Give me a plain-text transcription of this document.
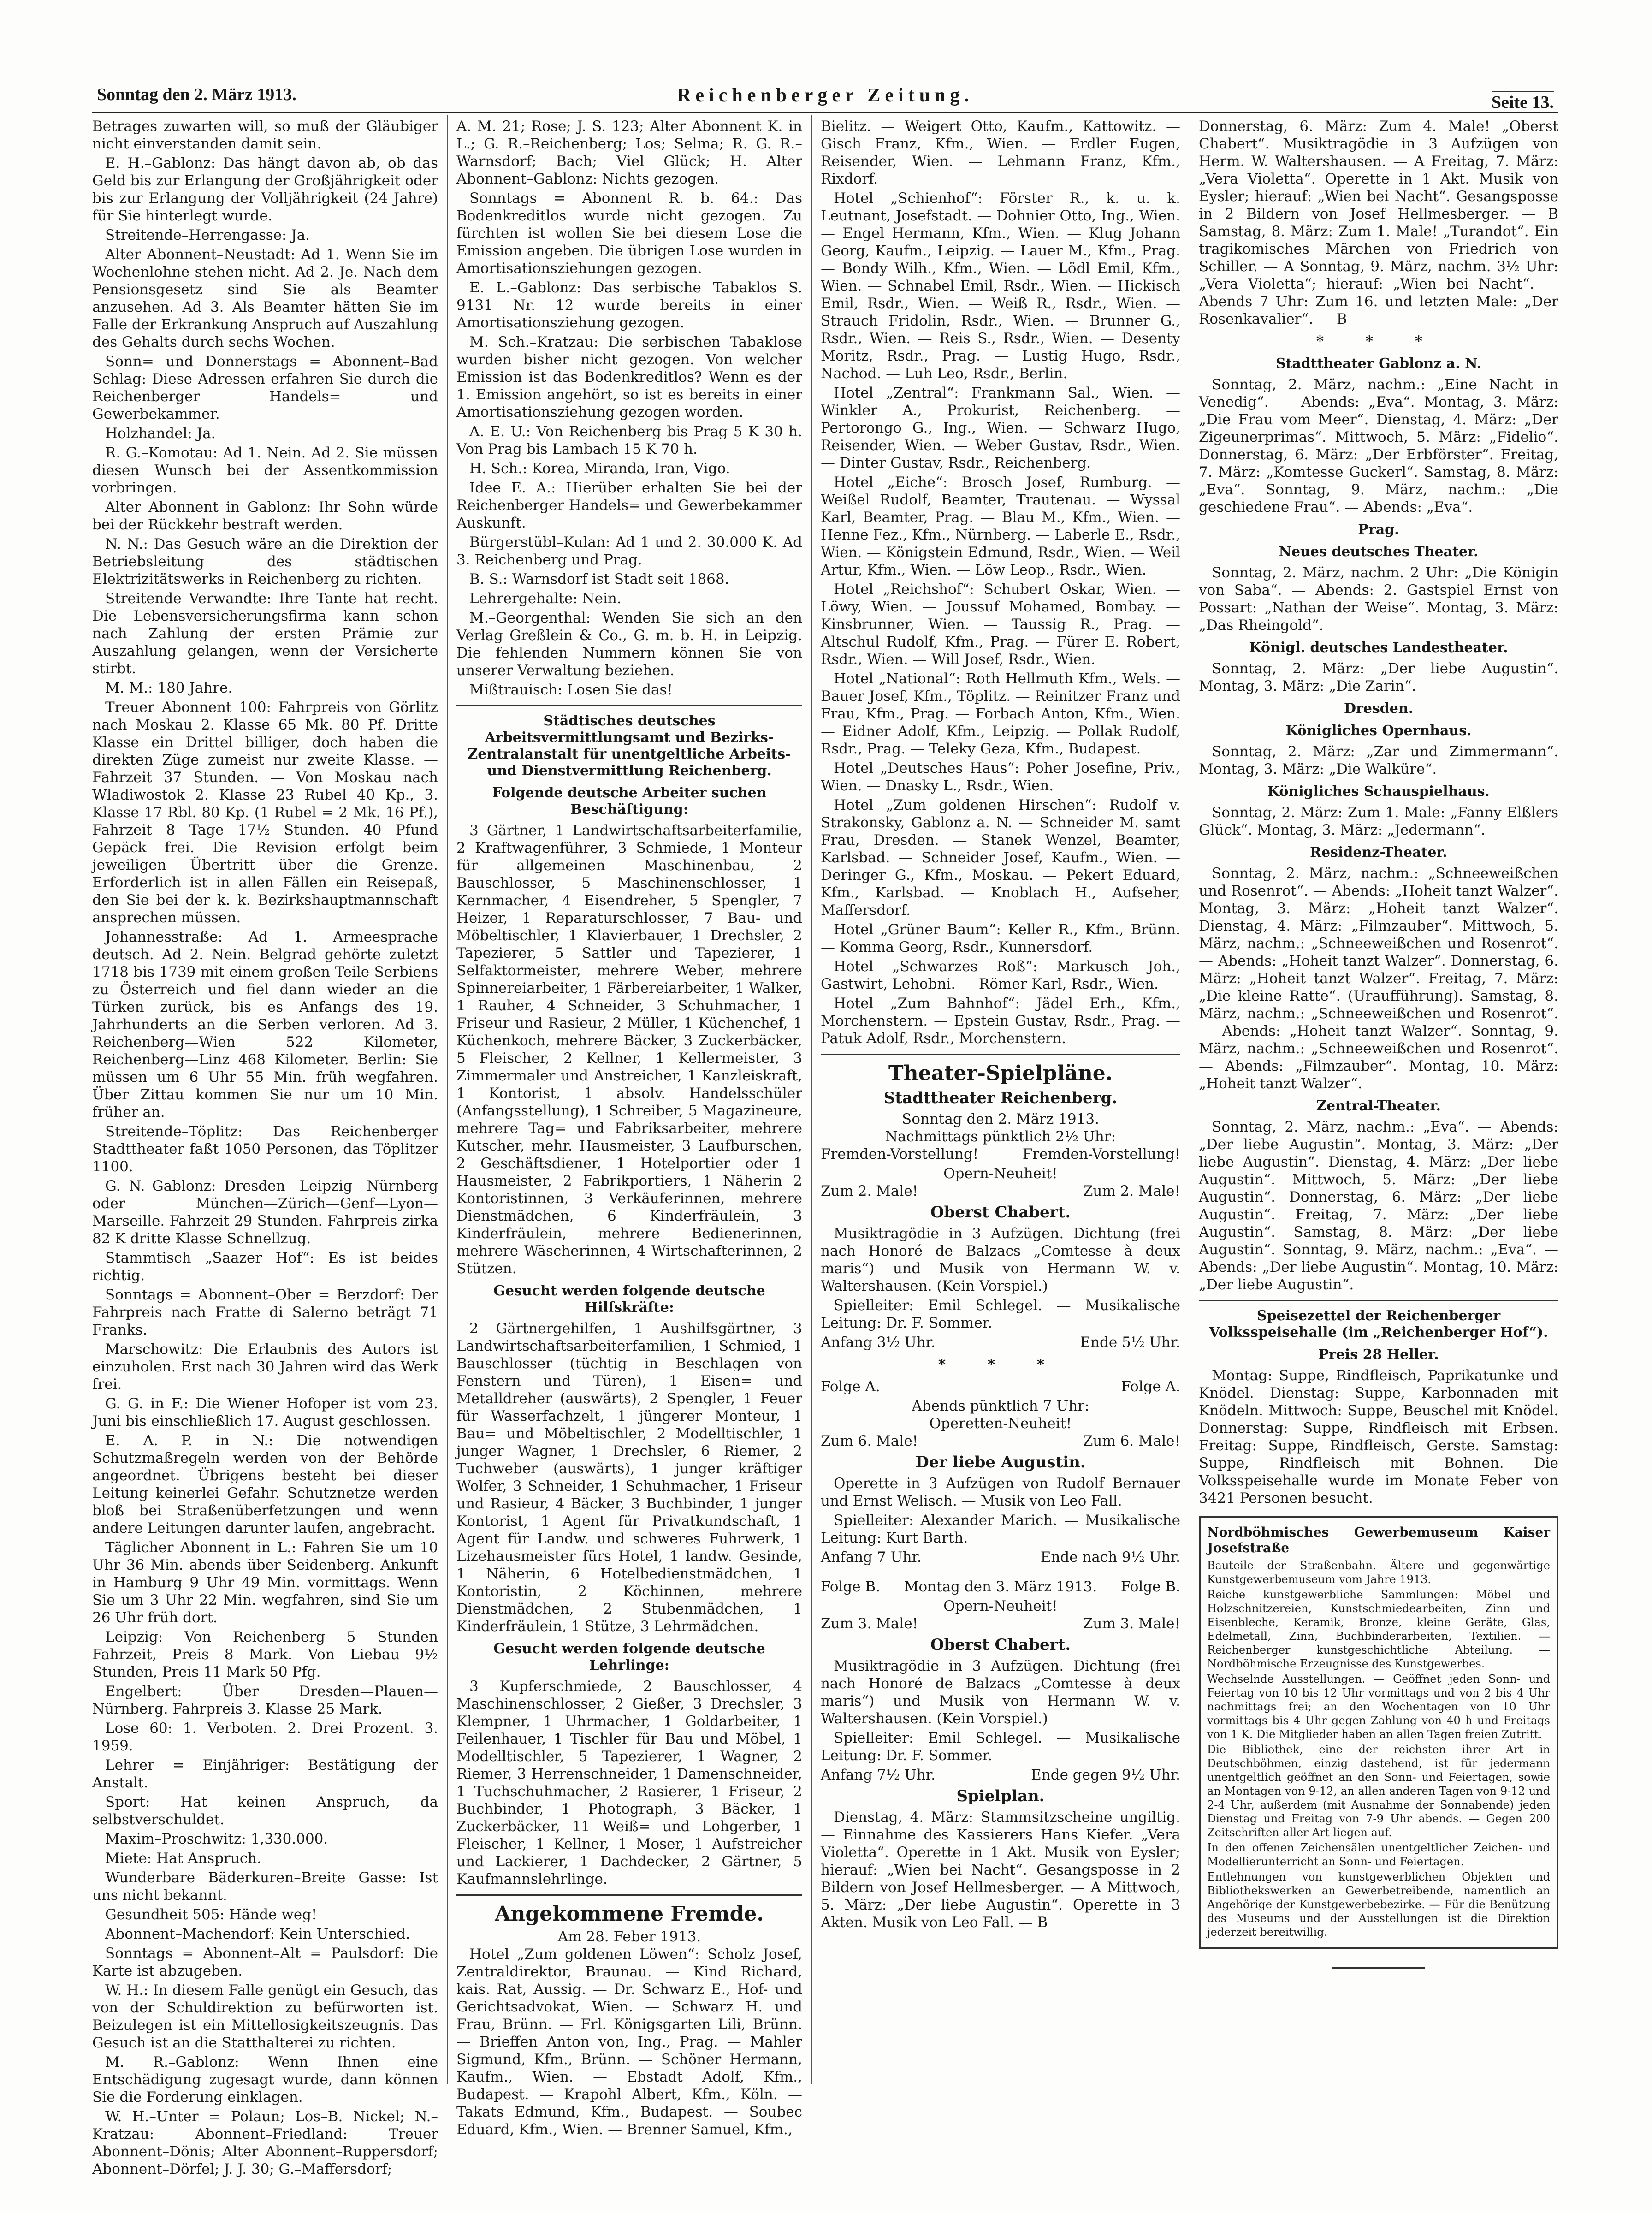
Sonntag den 2. März 1913.	Reichenberger Zeitung.	Seite 13.

Betrages zuwarten will, so muß der Gläubiger nicht einverstanden damit sein.

E. H.–Gablonz: Das hängt davon ab, ob das Geld bis zur Erlangung der Großjährigkeit oder bis zur Erlangung der Volljährigkeit (24 Jahre) für Sie hinterlegt wurde.

Streitende–Herrengasse: Ja.

Alter Abonnent–Neustadt: Ad 1. Wenn Sie im Wochenlohne stehen nicht. Ad 2. Je. Nach dem Pensionsgesetz sind Sie als Beamter anzusehen. Ad 3. Als Beamter hätten Sie im Falle der Erkrankung Anspruch auf Auszahlung des Gehalts durch sechs Wochen.

Sonn= und Donnerstags = Abonnent–Bad Schlag: Diese Adressen erfahren Sie durch die Reichenberger Handels= und Gewerbekammer.

Holzhandel: Ja.

R. G.–Komotau: Ad 1. Nein. Ad 2. Sie müssen diesen Wunsch bei der Assentkommission vorbringen.

Alter Abonnent in Gablonz: Ihr Sohn würde bei der Rückkehr bestraft werden.

N. N.: Das Gesuch wäre an die Direktion der Betriebsleitung des städtischen Elektrizitätswerks in Reichenberg zu richten.

Streitende Verwandte: Ihre Tante hat recht. Die Lebensversicherungsfirma kann schon nach Zahlung der ersten Prämie zur Auszahlung gelangen, wenn der Versicherte stirbt.

M. M.: 180 Jahre.

Treuer Abonnent 100: Fahrpreis von Görlitz nach Moskau 2. Klasse 65 Mk. 80 Pf. Dritte Klasse ein Drittel billiger, doch haben die direkten Züge zumeist nur zweite Klasse. — Fahrzeit 37 Stunden. — Von Moskau nach Wladiwostok 2. Klasse 23 Rubel 40 Kp., 3. Klasse 17 Rbl. 80 Kp. (1 Rubel = 2 Mk. 16 Pf.), Fahrzeit 8 Tage 17½ Stunden. 40 Pfund Gepäck frei. Die Revision erfolgt beim jeweiligen Übertritt über die Grenze. Erforderlich ist in allen Fällen ein Reisepaß, den Sie bei der k. k. Bezirkshauptmannschaft ansprechen müssen.

Johannesstraße: Ad 1. Armeesprache deutsch. Ad 2. Nein. Belgrad gehörte zuletzt 1718 bis 1739 mit einem großen Teile Serbiens zu Österreich und fiel dann wieder an die Türken zurück, bis es Anfangs des 19. Jahrhunderts an die Serben verloren. Ad 3. Reichenberg—Wien 522 Kilometer, Reichenberg—Linz 468 Kilometer. Berlin: Sie müssen um 6 Uhr 55 Min. früh wegfahren. Über Zittau kommen Sie nur um 10 Min. früher an.

Streitende–Töplitz: Das Reichenberger Stadttheater faßt 1050 Personen, das Töplitzer 1100.

G. N.–Gablonz: Dresden—Leipzig—Nürnberg oder München—Zürich—Genf—Lyon—Marseille. Fahrzeit 29 Stunden. Fahrpreis zirka 82 K dritte Klasse Schnellzug.

Stammtisch „Saazer Hof“: Es ist beides richtig.

Sonntags = Abonnent–Ober = Berzdorf: Der Fahrpreis nach Fratte di Salerno beträgt 71 Franks.

Marschowitz: Die Erlaubnis des Autors ist einzuholen. Erst nach 30 Jahren wird das Werk frei.

G. G. in F.: Die Wiener Hofoper ist vom 23. Juni bis einschließlich 17. August geschlossen.

E. A. P. in N.: Die notwendigen Schutzmaßregeln werden von der Behörde angeordnet. Übrigens besteht bei dieser Leitung keinerlei Gefahr. Schutznetze werden bloß bei Straßenüberfetzungen und wenn andere Leitungen darunter laufen, angebracht.

Täglicher Abonnent in L.: Fahren Sie um 10 Uhr 36 Min. abends über Seidenberg. Ankunft in Hamburg 9 Uhr 49 Min. vormittags. Wenn Sie um 3 Uhr 22 Min. wegfahren, sind Sie um 26 Uhr früh dort.

Leipzig: Von Reichenberg 5 Stunden Fahrzeit, Preis 8 Mark. Von Liebau 9½ Stunden, Preis 11 Mark 50 Pfg.

Engelbert: Über Dresden—Plauen—Nürnberg. Fahrpreis 3. Klasse 25 Mark.

Lose 60: 1. Verboten. 2. Drei Prozent. 3. 1959.

Lehrer = Einjähriger: Bestätigung der Anstalt.

Sport: Hat keinen Anspruch, da selbstverschuldet.

Maxim–Proschwitz: 1,330.000.

Miete: Hat Anspruch.

Wunderbare Bäderkuren–Breite Gasse: Ist uns nicht bekannt.

Gesundheit 505: Hände weg!

Abonnent–Machendorf: Kein Unterschied.

Sonntags = Abonnent–Alt = Paulsdorf: Die Karte ist abzugeben.

W. H.: In diesem Falle genügt ein Gesuch, das von der Schuldirektion zu befürworten ist. Beizulegen ist ein Mittellosigkeitszeugnis. Das Gesuch ist an die Statthalterei zu richten.

M. R.–Gablonz: Wenn Ihnen eine Entschädigung zugesagt wurde, dann können Sie die Forderung einklagen.

W. H.–Unter = Polaun; Los–B. Nickel; N.–Kratzau: Abonnent–Friedland: Treuer Abonnent–Dönis; Alter Abonnent–Ruppersdorf; Abonnent–Dörfel; J. J. 30; G.–Maffersdorf;

A. M. 21; Rose; J. S. 123; Alter Abonnent K. in L.; G. R.–Reichenberg; Los; Selma; R. G. R.–Warnsdorf; Bach; Viel Glück; H. Alter Abonnent–Gablonz: Nichts gezogen.

Sonntags = Abonnent R. b. 64.: Das Bodenkreditlos wurde nicht gezogen. Zu fürchten ist wollen Sie bei diesem Lose die Emission angeben. Die übrigen Lose wurden in Amortisationsziehungen gezogen.

E. L.–Gablonz: Das serbische Tabaklos S. 9131 Nr. 12 wurde bereits in einer Amortisationsziehung gezogen.

M. Sch.–Kratzau: Die serbischen Tabaklose wurden bisher nicht gezogen. Von welcher Emission ist das Bodenkreditlos? Wenn es der 1. Emission angehört, so ist es bereits in einer Amortisationsziehung gezogen worden.

A. E. U.: Von Reichenberg bis Prag 5 K 30 h. Von Prag bis Lambach 15 K 70 h.

H. Sch.: Korea, Miranda, Iran, Vigo.

Idee E. A.: Hierüber erhalten Sie bei der Reichenberger Handels= und Gewerbekammer Auskunft.

Bürgerstübl–Kulan: Ad 1 und 2. 30.000 K. Ad 3. Reichenberg und Prag.

B. S.: Warnsdorf ist Stadt seit 1868.

Lehrergehalte: Nein.

M.–Georgenthal: Wenden Sie sich an den Verlag Greßlein & Co., G. m. b. H. in Leipzig. Die fehlenden Nummern können Sie von unserer Verwaltung beziehen.

Mißtrauisch: Losen Sie das!

Städtisches deutsches Arbeitsvermittlungsamt und Bezirks-Zentralanstalt für unentgeltliche Arbeits- und Dienstvermittlung Reichenberg.
Folgende deutsche Arbeiter suchen Beschäftigung:

3 Gärtner, 1 Landwirtschaftsarbeiterfamilie, 2 Kraftwagenführer, 3 Schmiede, 1 Monteur für allgemeinen Maschinenbau, 2 Bauschlosser, 5 Maschinenschlosser, 1 Kernmacher, 4 Eisendreher, 5 Spengler, 7 Heizer, 1 Reparaturschlosser, 7 Bau- und Möbeltischler, 1 Klavierbauer, 1 Drechsler, 2 Tapezierer, 5 Sattler und Tapezierer, 1 Selfaktormeister, mehrere Weber, mehrere Spinnereiarbeiter, 1 Färbereiarbeiter, 1 Walker, 1 Rauher, 4 Schneider, 3 Schuhmacher, 1 Friseur und Rasieur, 2 Müller, 1 Küchenchef, 1 Küchenkoch, mehrere Bäcker, 3 Zuckerbäcker, 5 Fleischer, 2 Kellner, 1 Kellermeister, 3 Zimmermaler und Anstreicher, 1 Kanzleiskraft, 1 Kontorist, 1 absolv. Handelsschüler (Anfangsstellung), 1 Schreiber, 5 Magazineure, mehrere Tag= und Fabriksarbeiter, mehrere Kutscher, mehr. Hausmeister, 3 Laufburschen, 2 Geschäftsdiener, 1 Hotelportier oder 1 Hausmeister, 2 Fabrikportiers, 1 Näherin 2 Kontoristinnen, 3 Verkäuferinnen, mehrere Dienstmädchen, 6 Kinderfräulein, 3 Kinderfräulein, mehrere Bedienerinnen, mehrere Wäscherinnen, 4 Wirtschafterinnen, 2 Stützen.

Gesucht werden folgende deutsche Hilfskräfte:

2 Gärtnergehilfen, 1 Aushilfsgärtner, 3 Landwirtschaftsarbeiterfamilien, 1 Schmied, 1 Bauschlosser (tüchtig in Beschlagen von Fenstern und Türen), 1 Eisen= und Metalldreher (auswärts), 2 Spengler, 1 Feuer für Wasserfachzelt, 1 jüngerer Monteur, 1 Bau= und Möbeltischler, 2 Modelltischler, 1 junger Wagner, 1 Drechsler, 6 Riemer, 2 Tuchweber (auswärts), 1 junger kräftiger Wolfer, 3 Schneider, 1 Schuhmacher, 1 Friseur und Rasieur, 4 Bäcker, 3 Buchbinder, 1 junger Kontorist, 1 Agent für Privatkundschaft, 1 Agent für Landw. und schweres Fuhrwerk, 1 Lizehausmeister fürs Hotel, 1 landw. Gesinde, 1 Näherin, 6 Hotelbedienstmädchen, 1 Kontoristin, 2 Köchinnen, mehrere Dienstmädchen, 2 Stubenmädchen, 1 Kinderfräulein, 1 Stütze, 3 Lehrmädchen.

Gesucht werden folgende deutsche Lehrlinge:

3 Kupferschmiede, 2 Bauschlosser, 4 Maschinenschlosser, 2 Gießer, 3 Drechsler, 3 Klempner, 1 Uhrmacher, 1 Goldarbeiter, 1 Feilenhauer, 1 Tischler für Bau und Möbel, 1 Modelltischler, 5 Tapezierer, 1 Wagner, 2 Riemer, 3 Herrenschneider, 1 Damenschneider, 1 Tuchschuhmacher, 2 Rasierer, 1 Friseur, 2 Buchbinder, 1 Photograph, 3 Bäcker, 1 Zuckerbäcker, 11 Weiß= und Lohgerber, 1 Fleischer, 1 Kellner, 1 Moser, 1 Aufstreicher und Lackierer, 1 Dachdecker, 2 Gärtner, 5 Kaufmannslehrlinge.

Angekommene Fremde.
Am 28. Feber 1913.

Hotel „Zum goldenen Löwen“: Scholz Josef, Zentraldirektor, Braunau. — Kind Richard, kais. Rat, Aussig. — Dr. Schwarz E., Hof- und Gerichtsadvokat, Wien. — Schwarz H. und Frau, Brünn. — Frl. Königsgarten Lili, Brünn. — Brieffen Anton von, Ing., Prag. — Mahler Sigmund, Kfm., Brünn. — Schöner Hermann, Kaufm., Wien. — Ebstadt Adolf, Kfm., Budapest. — Krapohl Albert, Kfm., Köln. — Takats Edmund, Kfm., Budapest. — Soubec Eduard, Kfm., Wien. — Brenner Samuel, Kfm.,

Bielitz. — Weigert Otto, Kaufm., Kattowitz. — Gisch Franz, Kfm., Wien. — Erdler Eugen, Reisender, Wien. — Lehmann Franz, Kfm., Rixdorf.

Hotel „Schienhof“: Förster R., k. u. k. Leutnant, Josefstadt. — Dohnier Otto, Ing., Wien. — Engel Hermann, Kfm., Wien. — Klug Johann Georg, Kaufm., Leipzig. — Lauer M., Kfm., Prag. — Bondy Wilh., Kfm., Wien. — Lödl Emil, Kfm., Wien. — Schnabel Emil, Rsdr., Wien. — Hickisch Emil, Rsdr., Wien. — Weiß R., Rsdr., Wien. — Strauch Fridolin, Rsdr., Wien. — Brunner G., Rsdr., Wien. — Reis S., Rsdr., Wien. — Desenty Moritz, Rsdr., Prag. — Lustig Hugo, Rsdr., Nachod. — Luh Leo, Rsdr., Berlin.

Hotel „Zentral“: Frankmann Sal., Wien. — Winkler A., Prokurist, Reichenberg. — Pertorongo G., Ing., Wien. — Schwarz Hugo, Reisender, Wien. — Weber Gustav, Rsdr., Wien. — Dinter Gustav, Rsdr., Reichenberg.

Hotel „Eiche“: Brosch Josef, Rumburg. — Weißel Rudolf, Beamter, Trautenau. — Wyssal Karl, Beamter, Prag. — Blau M., Kfm., Wien. — Henne Fez., Kfm., Nürnberg. — Laberle E., Rsdr., Wien. — Königstein Edmund, Rsdr., Wien. — Weil Artur, Kfm., Wien. — Löw Leop., Rsdr., Wien.

Hotel „Reichshof“: Schubert Oskar, Wien. — Löwy, Wien. — Joussuf Mohamed, Bombay. — Kinsbrunner, Wien. — Taussig R., Prag. — Altschul Rudolf, Kfm., Prag. — Fürer E. Robert, Rsdr., Wien. — Will Josef, Rsdr., Wien.

Hotel „National“: Roth Hellmuth Kfm., Wels. — Bauer Josef, Kfm., Töplitz. — Reinitzer Franz und Frau, Kfm., Prag. — Forbach Anton, Kfm., Wien. — Eidner Adolf, Kfm., Leipzig. — Pollak Rudolf, Rsdr., Prag. — Teleky Geza, Kfm., Budapest.

Hotel „Deutsches Haus“: Poher Josefine, Priv., Wien. — Dnasky L., Rsdr., Wien.

Hotel „Zum goldenen Hirschen“: Rudolf v. Strakonsky, Gablonz a. N. — Schneider M. samt Frau, Dresden. — Stanek Wenzel, Beamter, Karlsbad. — Schneider Josef, Kaufm., Wien. — Deringer G., Kfm., Moskau. — Pekert Eduard, Kfm., Karlsbad. — Knoblach H., Aufseher, Maffersdorf.

Hotel „Grüner Baum“: Keller R., Kfm., Brünn. — Komma Georg, Rsdr., Kunnersdorf.

Hotel „Schwarzes Roß“: Markusch Joh., Gastwirt, Lehobni. — Römer Karl, Rsdr., Wien.

Hotel „Zum Bahnhof“: Jädel Erh., Kfm., Morchenstern. — Epstein Gustav, Rsdr., Prag. — Patuk Adolf, Rsdr., Morchenstern.

Theater-Spielpläne.
Stadttheater Reichenberg.
Sonntag den 2. März 1913.
Nachmittags pünktlich 2½ Uhr:
Fremden-Vorstellung!	Fremden-Vorstellung!
Opern-Neuheit!
Zum 2. Male!	Zum 2. Male!
Oberst Chabert.

Musiktragödie in 3 Aufzügen. Dichtung (frei nach Honoré de Balzacs „Comtesse à deux maris“) und Musik von Hermann W. v. Waltershausen. (Kein Vorspiel.)

Spielleiter: Emil Schlegel. — Musikalische Leitung: Dr. F. Sommer.

Anfang 3½ Uhr.	Ende 5½ Uhr.
* * *
Folge A.	Folge A.
Abends pünktlich 7 Uhr:
Operetten-Neuheit!
Zum 6. Male!	Zum 6. Male!
Der liebe Augustin.

Operette in 3 Aufzügen von Rudolf Bernauer und Ernst Welisch. — Musik von Leo Fall.

Spielleiter: Alexander Marich. — Musikalische Leitung: Kurt Barth.

Anfang 7 Uhr.	Ende nach 9½ Uhr.
Folge B. Montag den 3. März 1913. Folge B.
Opern-Neuheit!
Zum 3. Male!	Zum 3. Male!
Oberst Chabert.

Musiktragödie in 3 Aufzügen. Dichtung (frei nach Honoré de Balzacs „Comtesse à deux maris“) und Musik von Hermann W. v. Waltershausen. (Kein Vorspiel.)

Spielleiter: Emil Schlegel. — Musikalische Leitung: Dr. F. Sommer.

Anfang 7½ Uhr.	Ende gegen 9½ Uhr.
Spielplan.

Dienstag, 4. März: Stammsitzscheine ungiltig. — Einnahme des Kassierers Hans Kiefer. „Vera Violetta“. Operette in 1 Akt. Musik von Eysler; hierauf: „Wien bei Nacht“. Gesangsposse in 2 Bildern von Josef Hellmesberger. — A Mittwoch, 5. März: „Der liebe Augustin“. Operette in 3 Akten. Musik von Leo Fall. — B

Donnerstag, 6. März: Zum 4. Male! „Oberst Chabert“. Musiktragödie in 3 Aufzügen von Herm. W. Waltershausen. — A Freitag, 7. März: „Vera Violetta“. Operette in 1 Akt. Musik von Eysler; hierauf: „Wien bei Nacht“. Gesangsposse in 2 Bildern von Josef Hellmesberger. — B Samstag, 8. März: Zum 1. Male! „Turandot“. Ein tragikomisches Märchen von Friedrich von Schiller. — A Sonntag, 9. März, nachm. 3½ Uhr: „Vera Violetta“; hierauf: „Wien bei Nacht“. — Abends 7 Uhr: Zum 16. und letzten Male: „Der Rosenkavalier“. — B

* * *
Stadttheater Gablonz a. N.

Sonntag, 2. März, nachm.: „Eine Nacht in Venedig“. — Abends: „Eva“. Montag, 3. März: „Die Frau vom Meer“. Dienstag, 4. März: „Der Zigeunerprimas“. Mittwoch, 5. März: „Fidelio“. Donnerstag, 6. März: „Der Erbförster“. Freitag, 7. März: „Komtesse Guckerl“. Samstag, 8. März: „Eva“. Sonntag, 9. März, nachm.: „Die geschiedene Frau“. — Abends: „Eva“.

Prag.
Neues deutsches Theater.

Sonntag, 2. März, nachm. 2 Uhr: „Die Königin von Saba“. — Abends: 2. Gastspiel Ernst von Possart: „Nathan der Weise“. Montag, 3. März: „Das Rheingold“.

Königl. deutsches Landestheater.

Sonntag, 2. März: „Der liebe Augustin“. Montag, 3. März: „Die Zarin“.

Dresden.
Königliches Opernhaus.

Sonntag, 2. März: „Zar und Zimmermann“. Montag, 3. März: „Die Walküre“.

Königliches Schauspielhaus.

Sonntag, 2. März: Zum 1. Male: „Fanny Elßlers Glück“. Montag, 3. März: „Jedermann“.

Residenz-Theater.

Sonntag, 2. März, nachm.: „Schneeweißchen und Rosenrot“. — Abends: „Hoheit tanzt Walzer“. Montag, 3. März: „Hoheit tanzt Walzer“. Dienstag, 4. März: „Filmzauber“. Mittwoch, 5. März, nachm.: „Schneeweißchen und Rosenrot“. — Abends: „Hoheit tanzt Walzer“. Donnerstag, 6. März: „Hoheit tanzt Walzer“. Freitag, 7. März: „Die kleine Ratte“. (Uraufführung). Samstag, 8. März, nachm.: „Schneeweißchen und Rosenrot“. — Abends: „Hoheit tanzt Walzer“. Sonntag, 9. März, nachm.: „Schneeweißchen und Rosenrot“. — Abends: „Filmzauber“. Montag, 10. März: „Hoheit tanzt Walzer“.

Zentral-Theater.

Sonntag, 2. März, nachm.: „Eva“. — Abends: „Der liebe Augustin“. Montag, 3. März: „Der liebe Augustin“. Dienstag, 4. März: „Der liebe Augustin“. Mittwoch, 5. März: „Der liebe Augustin“. Donnerstag, 6. März: „Der liebe Augustin“. Freitag, 7. März: „Der liebe Augustin“. Samstag, 8. März: „Der liebe Augustin“. Sonntag, 9. März, nachm.: „Eva“. — Abends: „Der liebe Augustin“. Montag, 10. März: „Der liebe Augustin“.

Speisezettel der Reichenberger Volksspeisehalle (im „Reichenberger Hof“).
Preis 28 Heller.

Montag: Suppe, Rindfleisch, Paprikatunke und Knödel. Dienstag: Suppe, Karbonnaden mit Knödeln. Mittwoch: Suppe, Beuschel mit Knödel. Donnerstag: Suppe, Rindfleisch mit Erbsen. Freitag: Suppe, Rindfleisch, Gerste. Samstag: Suppe, Rindfleisch mit Bohnen. Die Volksspeisehalle wurde im Monate Feber von 3421 Personen besucht.

Nordböhmisches Gewerbemuseum Kaiser Josefstraße

Bauteile der Straßenbahn. Ältere und gegenwärtige Kunstgewerbemuseum vom Jahre 1913.

Reiche kunstgewerbliche Sammlungen: Möbel und Holzschnitzereien, Kunstschmiedearbeiten, Zinn und Eisenbleche, Keramik, Bronze, kleine Geräte, Glas, Edelmetall, Zinn, Buchbinderarbeiten, Textilien. — Reichenberger kunstgeschichtliche Abteilung. — Nordböhmische Erzeugnisse des Kunstgewerbes.

Wechselnde Ausstellungen. — Geöffnet jeden Sonn- und Feiertag von 10 bis 12 Uhr vormittags und von 2 bis 4 Uhr nachmittags frei; an den Wochentagen von 10 Uhr vormittags bis 4 Uhr gegen Zahlung von 40 h und Freitags von 1 K. Die Mitglieder haben an allen Tagen freien Zutritt.

Die Bibliothek, eine der reichsten ihrer Art in Deutschböhmen, einzig dastehend, ist für jedermann unentgeltlich geöffnet an den Sonn- und Feiertagen, sowie an Montagen von 9-12, an allen anderen Tagen von 9-12 und 2-4 Uhr, außerdem (mit Ausnahme der Sonnabende) jeden Dienstag und Freitag von 7-9 Uhr abends. — Gegen 200 Zeitschriften aller Art liegen auf.

In den offenen Zeichensälen unentgeltlicher Zeichen- und Modellierunterricht an Sonn- und Feiertagen.

Entlehnungen von kunstgewerblichen Objekten und Bibliothekswerken an Gewerbetreibende, namentlich an Angehörige der Kunstgewerbebezirke. — Für die Benützung des Museums und der Ausstellungen ist die Direktion jederzeit bereitwillig.
